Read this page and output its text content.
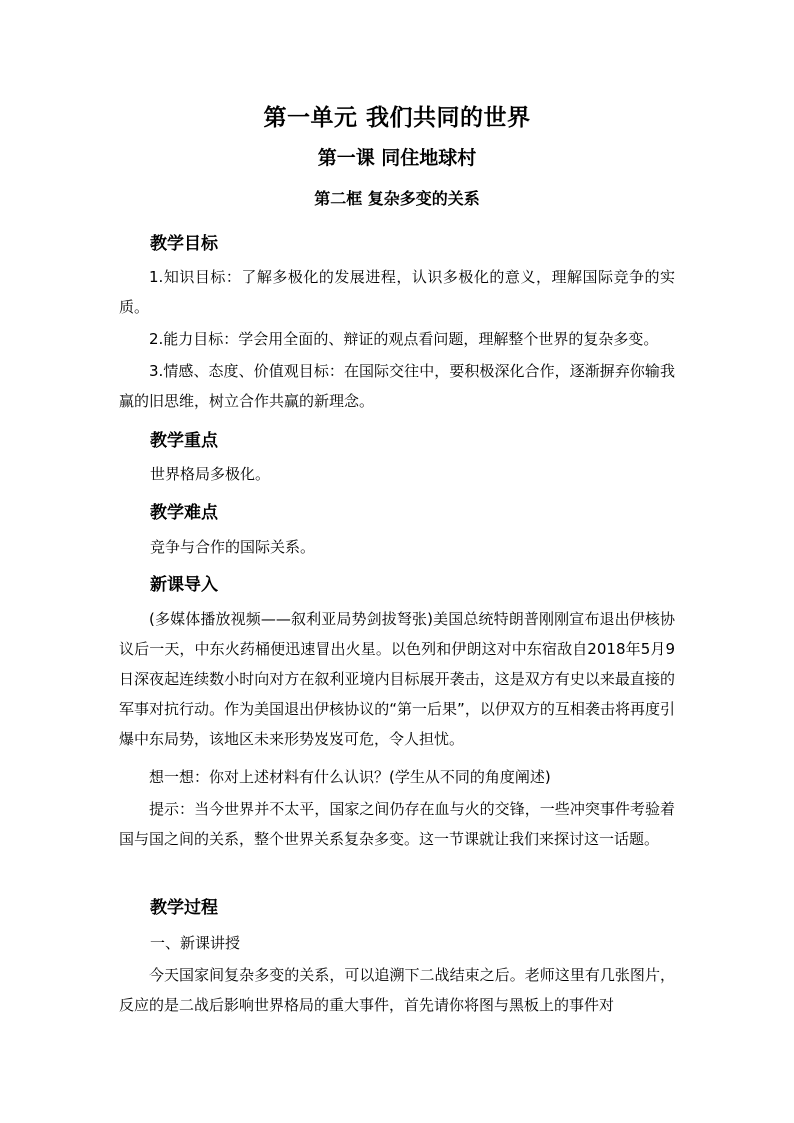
第一单元 我们共同的世界
第一课 同住地球村
第二框 复杂多变的关系
教学目标

1.知识目标：了解多极化的发展进程，认识多极化的意义，理解国际竞争的实质。

2.能力目标：学会用全面的、辩证的观点看问题，理解整个世界的复杂多变。

3.情感、态度、价值观目标：在国际交往中，要积极深化合作，逐渐摒弃你输我赢的旧思维，树立合作共赢的新理念。

教学重点
世界格局多极化。
教学难点
竞争与合作的国际关系。
新课导入

(多媒体播放视频——叙利亚局势剑拔弩张)美国总统特朗普刚刚宣布退出伊核协议后一天，中东火药桶便迅速冒出火星。以色列和伊朗这对中东宿敌自2018年5月9日深夜起连续数小时向对方在叙利亚境内目标展开袭击，这是双方有史以来最直接的军事对抗行动。作为美国退出伊核协议的“第一后果”，以伊双方的互相袭击将再度引爆中东局势，该地区未来形势岌岌可危，令人担忧。

想一想：你对上述材料有什么认识？(学生从不同的角度阐述)

提示：当今世界并不太平，国家之间仍存在血与火的交锋，一些冲突事件考验着国与国之间的关系，整个世界关系复杂多变。这一节课就让我们来探讨这一话题。

教学过程
一、新课讲授

今天国家间复杂多变的关系，可以追溯下二战结束之后。老师这里有几张图片，反应的是二战后影响世界格局的重大事件，首先请你将图与黑板上的事件对
